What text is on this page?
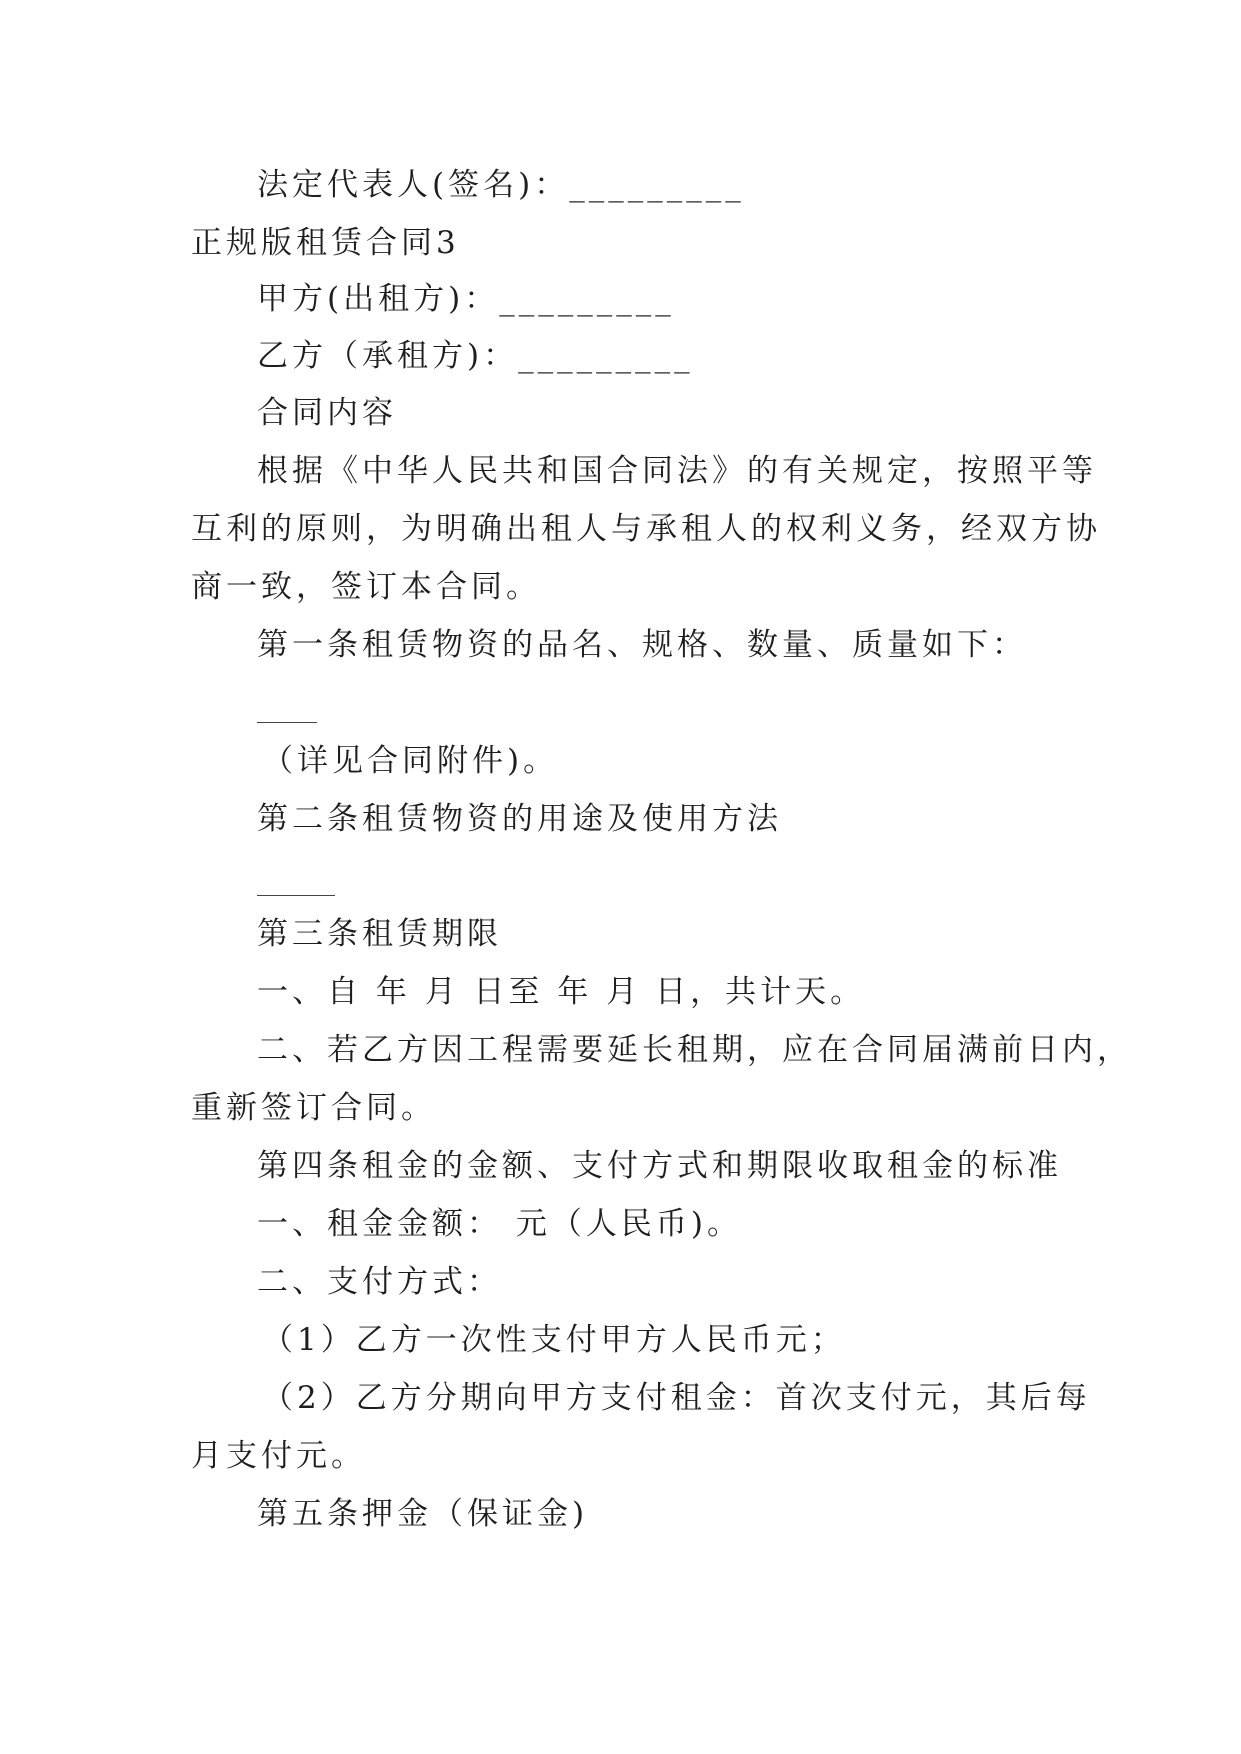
法定代表人(签名)：_________
正规版租赁合同3
甲方(出租方)：_________
乙方（承租方)：_________
合同内容
根据《中华人民共和国合同法》的有关规定，按照平等
互利的原则，为明确出租人与承租人的权利义务，经双方协
商一致，签订本合同。
第一条租赁物资的品名、规格、数量、质量如下：
（详见合同附件)。
第二条租赁物资的用途及使用方法
第三条租赁期限
一、自 年 月 日至 年 月 日，共计天。
二、若乙方因工程需要延长租期，应在合同届满前日内，
重新签订合同。
第四条租金的金额、支付方式和期限收取租金的标准
一、租金金额： 元（人民币)。
二、支付方式：
（1）乙方一次性支付甲方人民币元；
（2）乙方分期向甲方支付租金：首次支付元，其后每
月支付元。
第五条押金（保证金)
